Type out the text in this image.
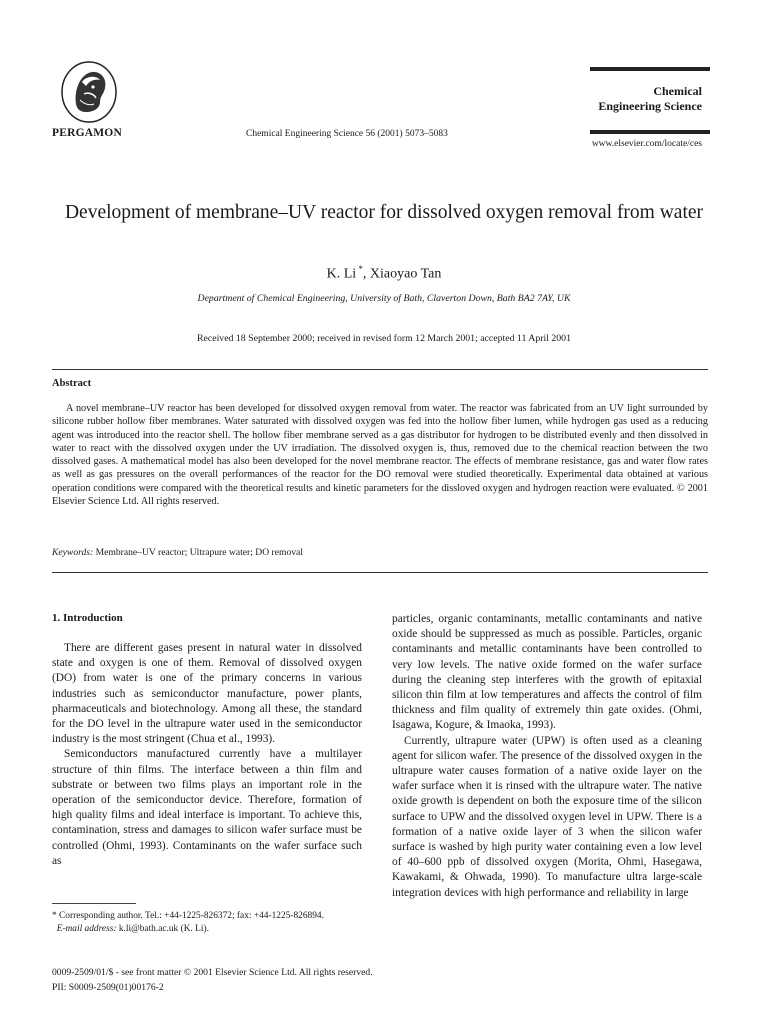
PERGAMON	Chemical Engineering Science 56 (2001) 5073–5083
Chemical
Engineering Science
www.elsevier.com/locate/ces
Development of membrane–UV reactor for dissolved oxygen removal from water
K. Li *, Xiaoyao Tan
Department of Chemical Engineering, University of Bath, Claverton Down, Bath BA2 7AY, UK
Received 18 September 2000; received in revised form 12 March 2001; accepted 11 April 2001
Abstract
A novel membrane–UV reactor has been developed for dissolved oxygen removal from water. The reactor was fabricated from an UV light surrounded by silicone rubber hollow fiber membranes. Water saturated with dissolved oxygen was fed into the hollow fiber lumen, while hydrogen gas used as a reducing agent was introduced into the reactor shell. The hollow fiber membrane served as a gas distributor for hydrogen to be distributed evenly and then dissolved in water to react with the dissolved oxygen under the UV irradiation. The dissolved oxygen is, thus, removed due to the chemical reaction between the two dissolved gases. A mathematical model has also been developed for the novel membrane reactor. The effects of membrane resistance, gas and water flow rates as well as gas pressures on the overall performances of the reactor for the DO removal were studied theoretically. Experimental data obtained at various operation conditions were compared with the theoretical results and kinetic parameters for the dissloved oxygen and hydrogen reaction were evaluated. © 2001 Elsevier Science Ltd. All rights reserved.
Keywords: Membrane–UV reactor; Ultrapure water; DO removal
1. Introduction

There are different gases present in natural water in dissolved state and oxygen is one of them. Removal of dissolved oxygen (DO) from water is one of the primary concerns in various industries such as semiconductor manufacture, power plants, pharmaceuticals and biotechnology. Among all these, the standard for the DO level in the ultrapure water used in the semiconductor industry is the most stringent (Chua et al., 1993).

Semiconductors manufactured currently have a multilayer structure of thin films. The interface between a thin film and substrate or between two films plays an important role in the operation of the semiconductor device. Therefore, formation of high quality films and ideal interface is important. To achieve this, contamination, stress and damages to silicon wafer surface must be controlled (Ohmi, 1993). Contaminants on the wafer surface such as

particles, organic contaminants, metallic contaminants and native oxide should be suppressed as much as possible. Particles, organic contaminants and metallic contaminants have been controlled to very low levels. The native oxide formed on the wafer surface during the cleaning step interferes with the growth of epitaxial silicon thin film at low temperatures and affects the control of film thickness and film quality of extremely thin gate oxides. (Ohmi, Isagawa, Kogure, & Imaoka, 1993).

Currently, ultrapure water (UPW) is often used as a cleaning agent for silicon wafer. The presence of the dissolved oxygen in the ultrapure water causes formation of a native oxide layer on the wafer surface when it is rinsed with the ultrapure water. The native oxide growth is dependent on both the exposure time of the silicon surface to UPW and the dissolved oxygen level in UPW. There is a formation of a native oxide layer of 3 when the silicon wafer surface is washed by high purity water containing even a low level of 40–600 ppb of dissolved oxygen (Morita, Ohmi, Hasegawa, Kawakami, & Ohwada, 1990). To manufacture ultra large-scale integration devices with high performance and reliability in large

* Corresponding author. Tel.: +44-1225-826372; fax: +44-1225-826894.
E-mail address: k.li@bath.ac.uk (K. Li).
0009-2509/01/$ - see front matter © 2001 Elsevier Science Ltd. All rights reserved.
PII: S0009-2509(01)00176-2
